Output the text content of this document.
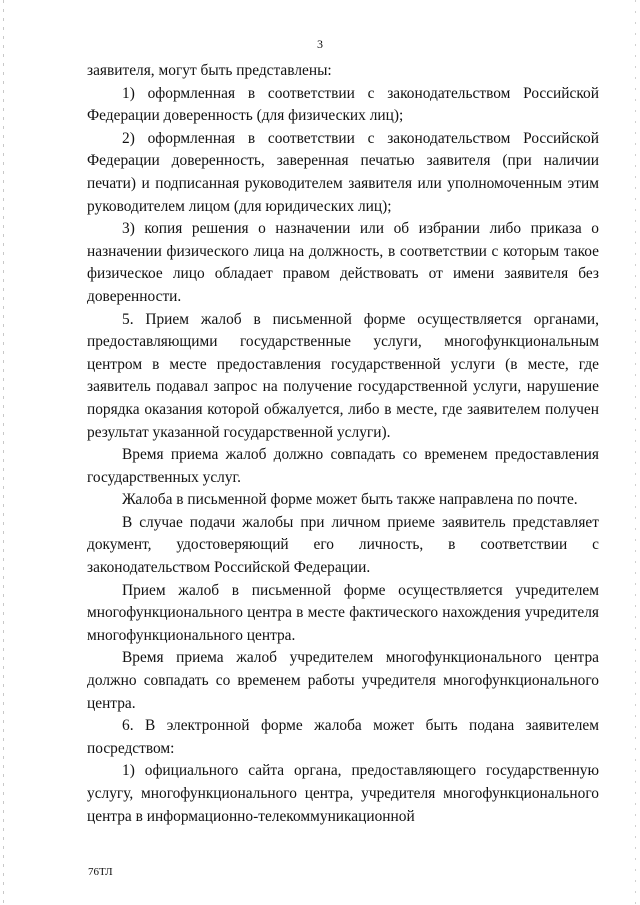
3

заявителя, могут быть представлены:

1) оформленная в соответствии с законодательством Российской Федерации доверенность (для физических лиц);

2) оформленная в соответствии с законодательством Российской Федерации доверенность, заверенная печатью заявителя (при наличии печати) и подписанная руководителем заявителя или уполномоченным этим руководителем лицом (для юридических лиц);

3) копия решения о назначении или об избрании либо приказа о назначении физического лица на должность, в соответствии с которым такое физическое лицо обладает правом действовать от имени заявителя без доверенности.

5. Прием жалоб в письменной форме осуществляется органами, предоставляющими государственные услуги, многофункциональным центром в месте предоставления государственной услуги (в месте, где заявитель подавал запрос на получение государственной услуги, нарушение порядка оказания которой обжалуется, либо в месте, где заявителем получен результат указанной государственной услуги).

Время приема жалоб должно совпадать со временем предоставления государственных услуг.

Жалоба в письменной форме может быть также направлена по почте.

В случае подачи жалобы при личном приеме заявитель представляет документ, удостоверяющий его личность, в соответствии с законодательством Российской Федерации.

Прием жалоб в письменной форме осуществляется учредителем многофункционального центра в месте фактического нахождения учредителя многофункционального центра.

Время приема жалоб учредителем многофункционального центра должно совпадать со временем работы учредителя многофункционального центра.

6. В электронной форме жалоба может быть подана заявителем посредством:

1) официального сайта органа, предоставляющего государственную услугу, многофункционального центра, учредителя многофункционального центра в информационно-телекоммуникационной

76ТЛ
